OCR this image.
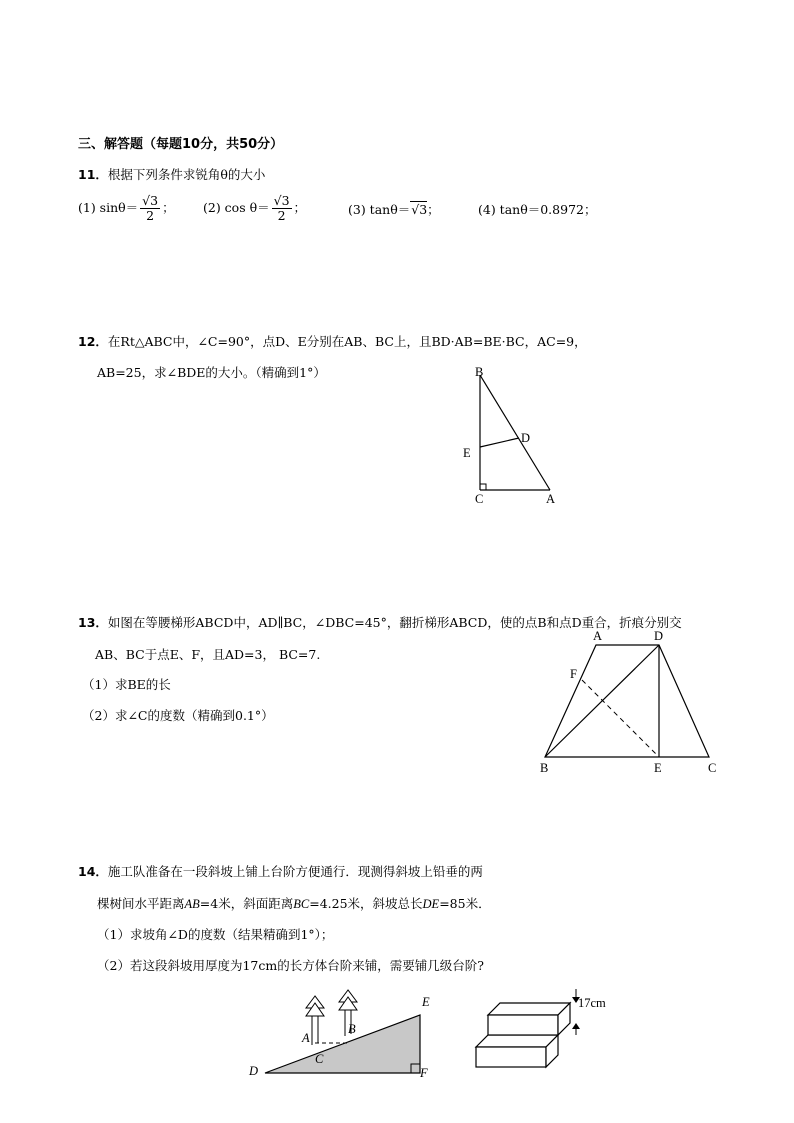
三、解答题（每题10分，共50分）
11．根据下列条件求锐角θ的大小
(1) $\sin\theta= \frac{√3}{2}$ ； (2) $\cos \theta= \frac{√3}{2}$ ；	(3) tanθ＝√3；	(4) tanθ＝0.8972；
12．在Rt△ABC中，∠C=90°，点D、E分别在AB、BC上，且BD·AB=BE·BC，AC=9，
AB=25，求∠BDE的大小。（精确到1°）	B
D
E
C	A
13．如图在等腰梯形ABCD中，AD∥BC，∠DBC=45°，翻折梯形ABCD，使的点B和点D重合，折痕分别交
AB、BC于点E、F，且AD=3， BC=7.
（1）求BE的长
（2）求∠C的度数（精确到0.1°）
A	D
F
B	E	C
14．施工队准备在一段斜坡上铺上台阶方便通行．现测得斜坡上铅垂的两
棵树间水平距离AB=4米，斜面距离BC=4.25米，斜坡总长DE=85米．
（1）求坡角∠D的度数（结果精确到1°）；
（2）若这段斜坡用厚度为17cm的长方体台阶来铺，需要铺几级台阶?
A
B
C
D
E
F
17cm
